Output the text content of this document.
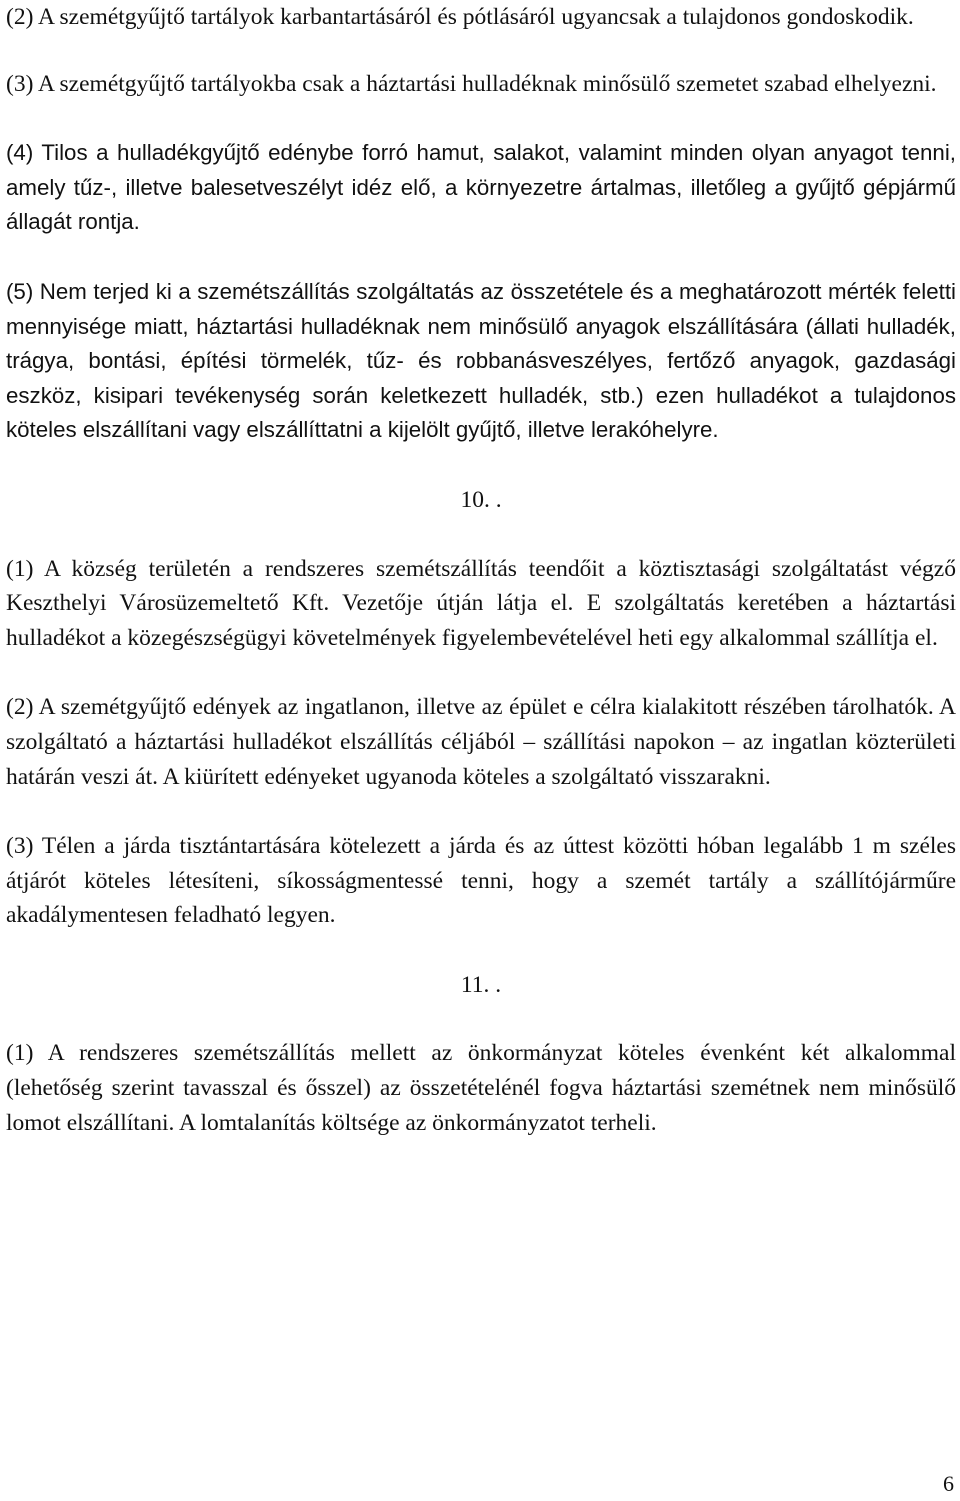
(2) A szemétgyűjtő tartályok karbantartásáról és pótlásáról ugyancsak a tulajdonos gondoskodik.

(3) A szemétgyűjtő tartályokba csak a háztartási hulladéknak minősülő szemetet szabad elhelyezni.

(4) Tilos a hulladékgyűjtő edénybe forró hamut, salakot, valamint minden olyan anyagot tenni, amely tűz-, illetve balesetveszélyt idéz elő, a környezetre ártalmas, illetőleg a gyűjtő gépjármű állagát rontja.

(5) Nem terjed ki a szemétszállítás szolgáltatás az összetétele és a meghatározott mérték feletti mennyisége miatt, háztartási hulladéknak nem minősülő anyagok elszállítására (állati hulladék, trágya, bontási, építési törmelék, tűz- és robbanásveszélyes, fertőző anyagok, gazdasági eszköz, kisipari tevékenység során keletkezett hulladék, stb.) ezen hulladékot a tulajdonos köteles elszállítani vagy elszállíttatni a kijelölt gyűjtő, illetve lerakóhelyre.

10. .

(1) A község területén a rendszeres szemétszállítás teendőit a köztisztasági szolgáltatást végző Keszthelyi Városüzemeltető Kft. Vezetője útján látja el. E szolgáltatás keretében a háztartási hulladékot a közegészségügyi követelmények figyelembevételével heti egy alkalommal szállítja el.

(2) A szemétgyűjtő edények az ingatlanon, illetve az épület e célra kialakitott részében tárolhatók. A szolgáltató a háztartási hulladékot elszállítás céljából – szállítási napokon – az ingatlan közterületi határán veszi át. A kiürített edényeket ugyanoda köteles a szolgáltató visszarakni.

(3) Télen a járda tisztántartására kötelezett a járda és az úttest közötti hóban legalább 1 m széles átjárót köteles létesíteni, síkosságmentessé tenni, hogy a szemét tartály a szállítójárműre akadálymentesen feladható legyen.

11. .

(1) A rendszeres szemétszállítás mellett az önkormányzat köteles évenként két alkalommal (lehetőség szerint tavasszal és ősszel) az összetételénél fogva háztartási szemétnek nem minősülő lomot elszállítani. A lomtalanítás költsége az önkormányzatot terheli.

6
